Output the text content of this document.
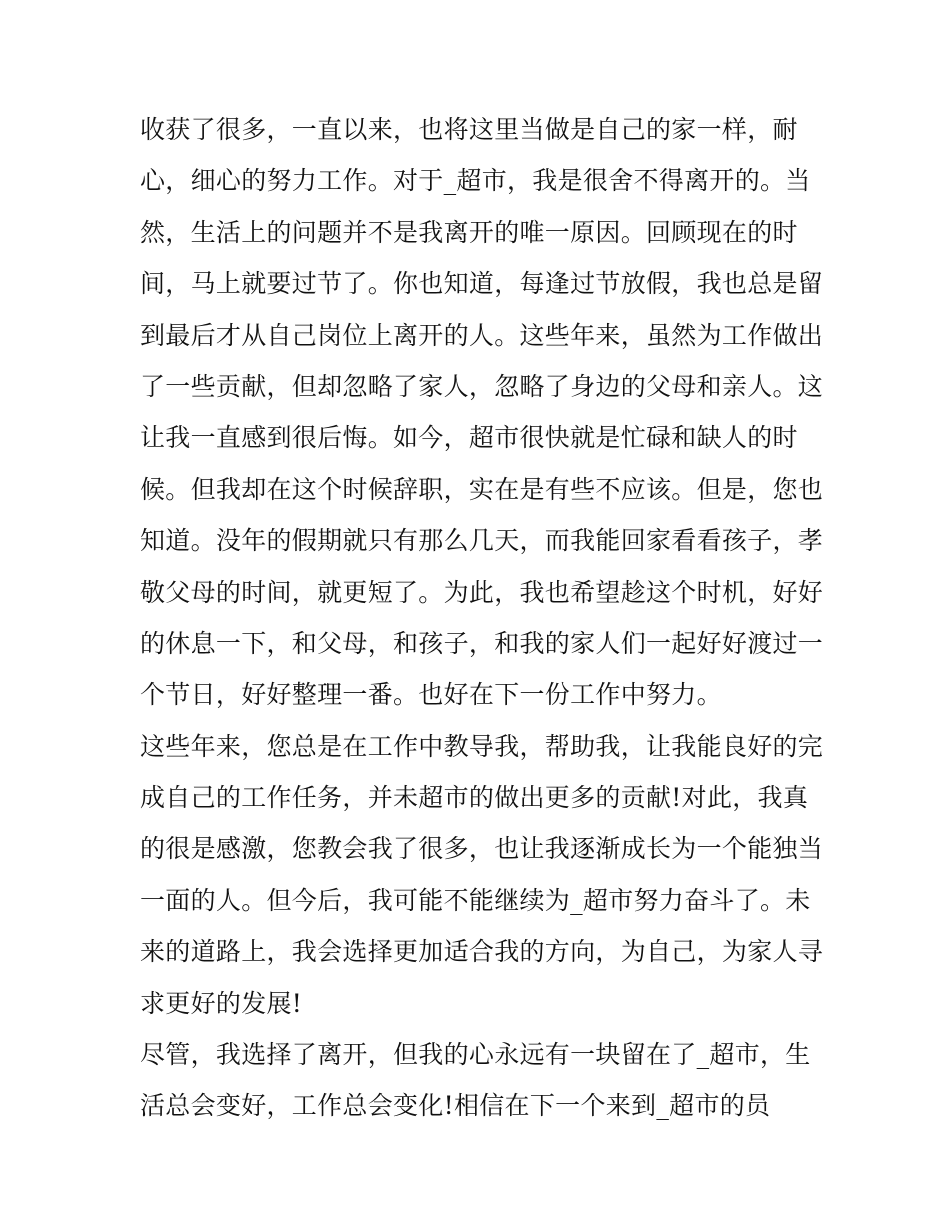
收获了很多，一直以来，也将这里当做是自己的家一样，耐
心，细心的努力工作。对于_超市，我是很舍不得离开的。当
然，生活上的问题并不是我离开的唯一原因。回顾现在的时
间，马上就要过节了。你也知道，每逢过节放假，我也总是留
到最后才从自己岗位上离开的人。这些年来，虽然为工作做出
了一些贡献，但却忽略了家人，忽略了身边的父母和亲人。这
让我一直感到很后悔。如今，超市很快就是忙碌和缺人的时
候。但我却在这个时候辞职，实在是有些不应该。但是，您也
知道。没年的假期就只有那么几天，而我能回家看看孩子，孝
敬父母的时间，就更短了。为此，我也希望趁这个时机，好好
的休息一下，和父母，和孩子，和我的家人们一起好好渡过一
个节日，好好整理一番。也好在下一份工作中努力。
这些年来，您总是在工作中教导我，帮助我，让我能良好的完
成自己的工作任务，并未超市的做出更多的贡献!对此，我真
的很是感激，您教会我了很多，也让我逐渐成长为一个能独当
一面的人。但今后，我可能不能继续为_超市努力奋斗了。未
来的道路上，我会选择更加适合我的方向，为自己，为家人寻
求更好的发展!
尽管，我选择了离开，但我的心永远有一块留在了_超市，生
活总会变好，工作总会变化!相信在下一个来到_超市的员
